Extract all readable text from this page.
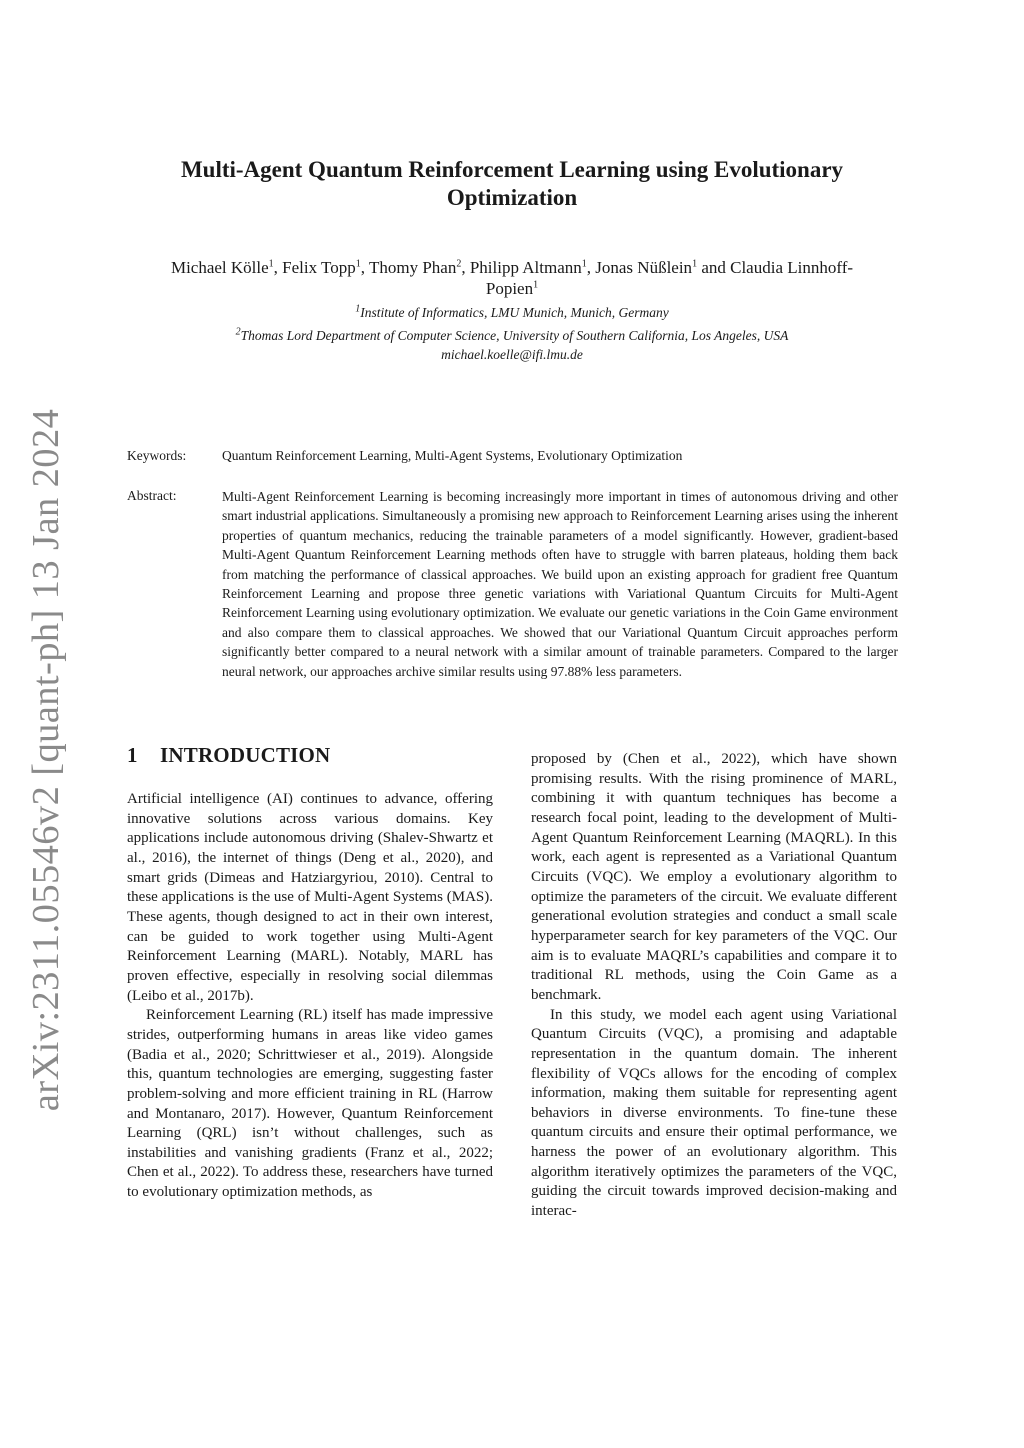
arXiv:2311.05546v2 [quant-ph] 13 Jan 2024
Multi-Agent Quantum Reinforcement Learning using Evolutionary Optimization
Michael Kölle$^1$, Felix Topp$^1$, Thomy Phan$^2$, Philipp Altmann$^1$, Jonas Nüßlein$^1$ and Claudia Linnhoff-Popien$^1$
$^1$Institute of Informatics, LMU Munich, Munich, Germany
$^2$Thomas Lord Department of Computer Science, University of Southern California, Los Angeles, USA
michael.koelle@ifi.lmu.de
Keywords:	Quantum Reinforcement Learning, Multi-Agent Systems, Evolutionary Optimization
Abstract:	Multi-Agent Reinforcement Learning is becoming increasingly more important in times of autonomous driving and other smart industrial applications. Simultaneously a promising new approach to Reinforcement Learning arises using the inherent properties of quantum mechanics, reducing the trainable parameters of a model significantly. However, gradient-based Multi-Agent Quantum Reinforcement Learning methods often have to struggle with barren plateaus, holding them back from matching the performance of classical approaches. We build upon an existing approach for gradient free Quantum Reinforcement Learning and propose three genetic variations with Variational Quantum Circuits for Multi-Agent Reinforcement Learning using evolutionary optimization. We evaluate our genetic variations in the Coin Game environment and also compare them to classical approaches. We showed that our Variational Quantum Circuit approaches perform significantly better compared to a neural network with a similar amount of trainable parameters. Compared to the larger neural network, our approaches archive similar results using 97.88% less parameters.
1 INTRODUCTION

Artificial intelligence (AI) continues to advance, offering innovative solutions across various domains. Key applications include autonomous driving (Shalev-Shwartz et al., 2016), the internet of things (Deng et al., 2020), and smart grids (Dimeas and Hatziargyriou, 2010). Central to these applications is the use of Multi-Agent Systems (MAS). These agents, though designed to act in their own interest, can be guided to work together using Multi-Agent Reinforcement Learning (MARL). Notably, MARL has proven effective, especially in resolving social dilemmas (Leibo et al., 2017b).

Reinforcement Learning (RL) itself has made impressive strides, outperforming humans in areas like video games (Badia et al., 2020; Schrittwieser et al., 2019). Alongside this, quantum technologies are emerging, suggesting faster problem-solving and more efficient training in RL (Harrow and Montanaro, 2017). However, Quantum Reinforcement Learning (QRL) isn’t without challenges, such as instabilities and vanishing gradients (Franz et al., 2022; Chen et al., 2022). To address these, researchers have turned to evolutionary optimization methods, as

proposed by (Chen et al., 2022), which have shown promising results. With the rising prominence of MARL, combining it with quantum techniques has become a research focal point, leading to the development of Multi-Agent Quantum Reinforcement Learning (MAQRL). In this work, each agent is represented as a Variational Quantum Circuits (VQC). We employ a evolutionary algorithm to optimize the parameters of the circuit. We evaluate different generational evolution strategies and conduct a small scale hyperparameter search for key parameters of the VQC. Our aim is to evaluate MAQRL’s capabilities and compare it to traditional RL methods, using the Coin Game as a benchmark.

In this study, we model each agent using Variational Quantum Circuits (VQC), a promising and adaptable representation in the quantum domain. The inherent flexibility of VQCs allows for the encoding of complex information, making them suitable for representing agent behaviors in diverse environments. To fine-tune these quantum circuits and ensure their optimal performance, we harness the power of an evolutionary algorithm. This algorithm iteratively optimizes the parameters of the VQC, guiding the circuit towards improved decision-making and interac-
